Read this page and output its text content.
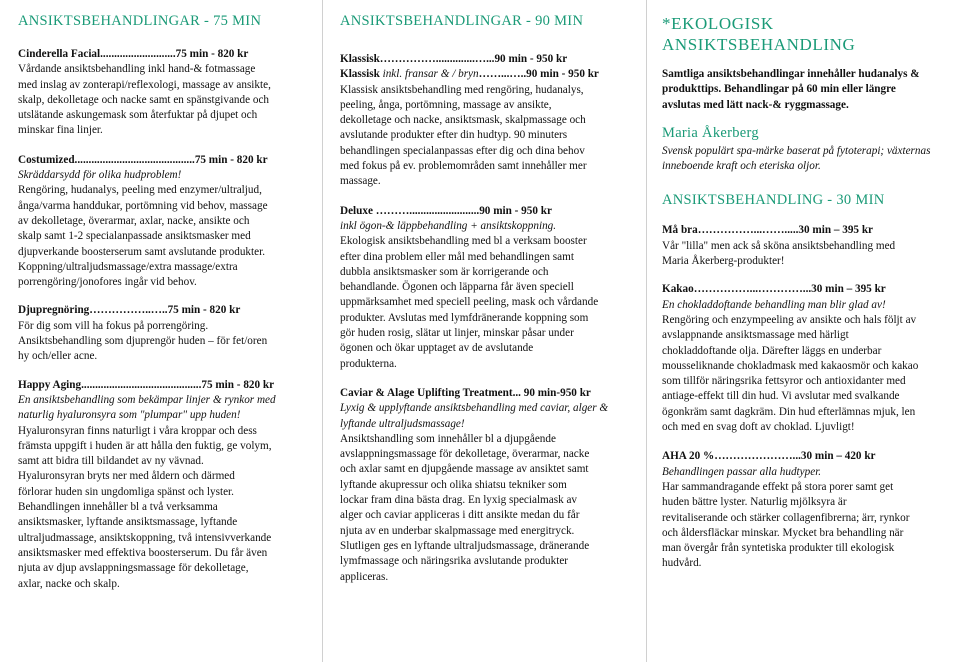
ANSIKTSBEHANDLINGAR - 75 MIN

Cinderella Facial...........................75 min - 820 kr

Vårdande ansiktsbehandling inkl hand-& fotmassage

med inslag av zonterapi/reflexologi, massage av ansikte,

skalp, dekolletage och nacke samt en spänstgivande och

utslätande askungemask som återfuktar på djupet och

minskar fina linjer.

Costumized...........................................75 min - 820 kr

Skräddarsydd för olika hudproblem!

Rengöring, hudanalys, peeling med enzymer/ultraljud,

ånga/varma handdukar, portömning vid behov, massage

av dekolletage, överarmar, axlar, nacke, ansikte och

skalp samt 1-2 specialanpassade ansiktsmasker med

djupverkande boosterserum samt avslutande produkter.

Koppning/ultraljudsmassage/extra massage/extra

porrengöring/jonofores ingår vid behov.

Djupregnöring……………..…..75 min - 820 kr

För dig som vill ha fokus på porrengöring.

Ansiktsbehandling som djuprengör huden – för fet/oren

hy och/eller acne.

Happy Aging...........................................75 min - 820 kr

En ansiktsbehandling som bekämpar linjer & rynkor med

naturlig hyaluronsyra som "plumpar" upp huden!

Hyaluronsyran finns naturligt i våra kroppar och dess

främsta uppgift i huden är att hålla den fuktig, ge volym,

samt att bidra till bildandet av ny vävnad.

Hyaluronsyran bryts ner med åldern och därmed

förlorar huden sin ungdomliga spänst och lyster.

Behandlingen innehåller bl a två verksamma

ansiktsmasker, lyftande ansiktsmassage, lyftande

ultraljudmassage, ansiktskoppning, två intensivverkande

ansiktsmasker med effektiva boosterserum. Du får även

njuta av djup avslappningsmassage för dekolletage,

axlar, nacke och skalp.

ANSIKTSBEHANDLINGAR - 90 MIN

Klassisk……………..............…...90 min - 950 kr

Klassisk inkl. fransar & / bryn……...…..90 min - 950 kr

Klassisk ansiktsbehandling med rengöring, hudanalys,

peeling, ånga, portömning, massage av ansikte,

dekolletage och nacke, ansiktsmask, skalpmassage och

avslutande produkter efter din hudtyp. 90 minuters

behandlingen specialanpassas efter dig och dina behov

med fokus på ev. problemområden samt innehåller mer

massage.

Deluxe ……….........................90 min - 950 kr

inkl ögon-& läppbehandling + ansiktskoppning.

Ekologisk ansiktsbehandling med bl a verksam booster

efter dina problem eller mål med behandlingen samt

dubbla ansiktsmasker som är korrigerande och

behandlande. Ögonen och läpparna får även speciell

uppmärksamhet med speciell peeling, mask och vårdande

produkter. Avslutas med lymfdränerande koppning som

gör huden rosig, slätar ut linjer, minskar påsar under

ögonen och ökar upptaget av de avslutande

produkterna.

Caviar & Alage Uplifting Treatment... 90 min-950 kr

Lyxig & upplyftande ansiktsbehandling med caviar, alger &

lyftande ultraljudsmassage!

Ansiktshandling som innehåller bl a djupgående

avslappningsmassage för dekolletage, överarmar, nacke

och axlar samt en djupgående massage av ansiktet samt

lyftande akupressur och olika shiatsu tekniker som

lockar fram dina bästa drag. En lyxig specialmask av

alger och caviar appliceras i ditt ansikte medan du får

njuta av en underbar skalpmassage med energitryck.

Slutligen ges en lyftande ultraljudsmassage, dränerande

lymfmassage och näringsrika avslutande produkter

appliceras.

*EKOLOGISK
ANSIKTSBEHANDLING

Samtliga ansiktsbehandlingar innehåller hudanalys &

produkttips. Behandlingar på 60 min eller längre

avslutas med lätt nack-& ryggmassage.

Maria Åkerberg

Svensk populärt spa-märke baserat på fytoterapi; växternas

inneboende kraft och eteriska oljor.

ANSIKTSBEHANDLING - 30 MIN

Må bra……………...…….....30 min – 395 kr

Vår "lilla" men ack så sköna ansiktsbehandling med

Maria Åkerberg-produkter!

Kakao……………...…………...30 min – 395 kr

En chokladdoftande behandling man blir glad av!

Rengöring och enzympeeling av ansikte och hals följt av

avslappnande ansiktsmassage med härligt

chokladdoftande olja. Därefter läggs en underbar

mousseliknande chokladmask med kakaosmör och kakao

som tillför näringsrika fettsyror och antioxidanter med

antiage-effekt till din hud. Vi avslutar med svalkande

ögonkräm samt dagkräm. Din hud efterlämnas mjuk, len

och med en svag doft av choklad. Ljuvligt!

AHA 20 %…………………...30 min – 420 kr

Behandlingen passar alla hudtyper.

Har sammandragande effekt på stora porer samt get

huden bättre lyster. Naturlig mjölksyra är

revitaliserande och stärker collagenfibrerna; ärr, rynkor

och åldersfläckar minskar. Mycket bra behandling när

man övergår från syntetiska produkter till ekologisk

hudvård.
